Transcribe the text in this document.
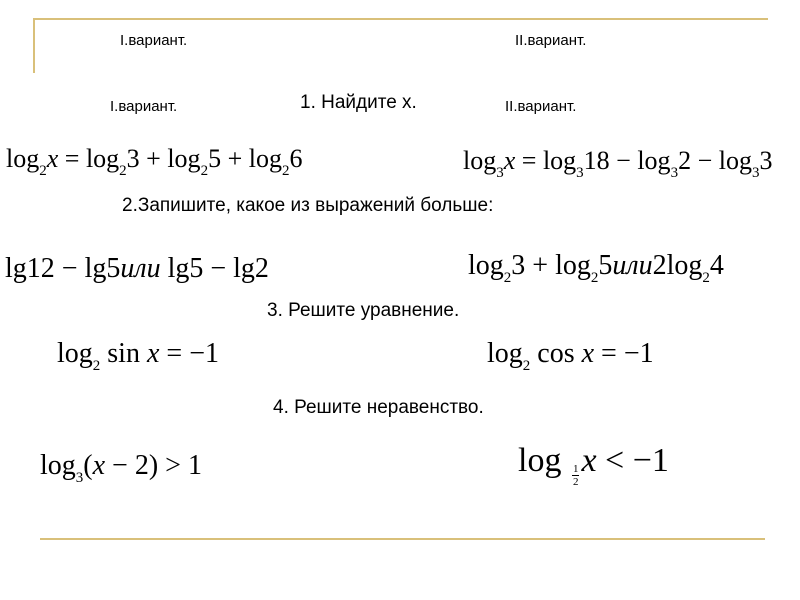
I.вариант.	II.вариант.
I.вариант.	1. Найдите х.	II.вариант.
$\log_2x = \log_23 + \log_25 + \log_26$	$\log_3x = \log_318 - \log_32 - \log_33$
2.Запишите, какое из выражений больше:
lg12 − lg5или lg5 − lg2	$\log_23 + \log_25или2\log_24$
3. Решите уравнение.
$\log_2 \sin x = -1$	$\log_2 \cos x = -1$
4. Решите неравенство.
$\log_3(x - 2) > 1$	$\log \frac{1}{2}$ x < −1
